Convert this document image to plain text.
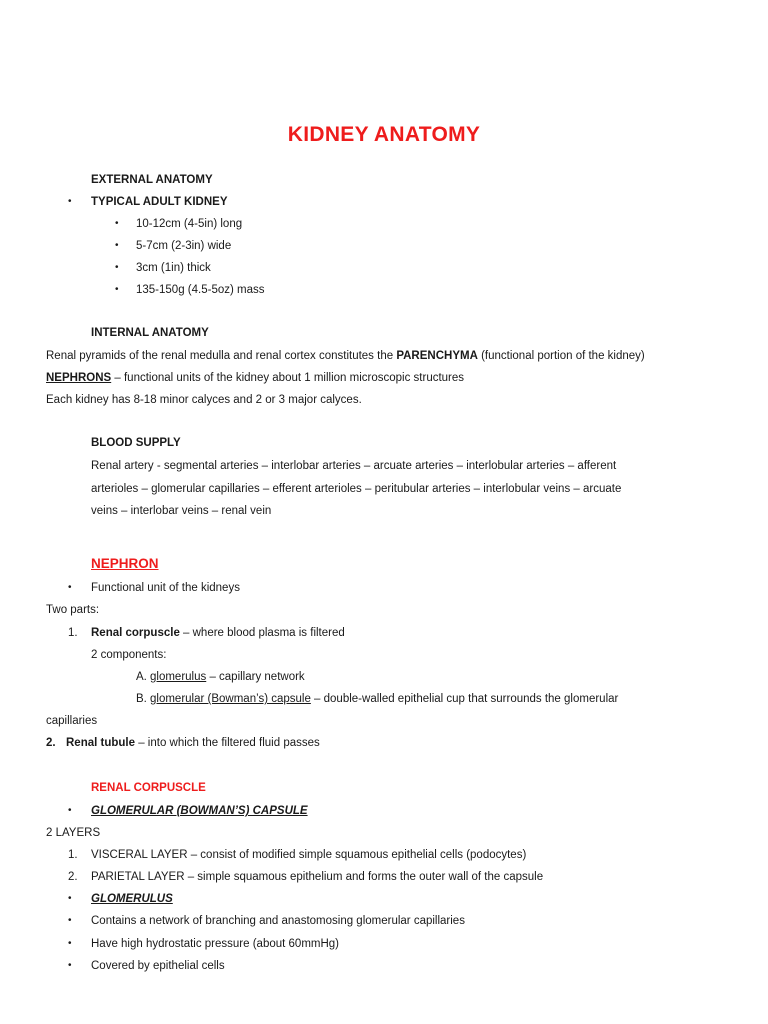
KIDNEY ANATOMY
EXTERNAL ANATOMY
• TYPICAL ADULT KIDNEY
• 10-12cm (4-5in) long
• 5-7cm (2-3in) wide
• 3cm (1in) thick
• 135-150g (4.5-5oz) mass
INTERNAL ANATOMY
Renal pyramids of the renal medulla and renal cortex constitutes the PARENCHYMA (functional portion of the kidney)
NEPHRONS – functional units of the kidney about 1 million microscopic structures
Each kidney has 8-18 minor calyces and 2 or 3 major calyces.
BLOOD SUPPLY
Renal artery - segmental arteries – interlobar arteries – arcuate arteries – interlobular arteries – afferent
arterioles – glomerular capillaries – efferent arterioles – peritubular arteries – interlobular veins – arcuate
veins – interlobar veins – renal vein
NEPHRON
• Functional unit of the kidneys
Two parts:
1. Renal corpuscle – where blood plasma is filtered
2 components:
A. glomerulus – capillary network
B. glomerular (Bowman’s) capsule – double-walled epithelial cup that surrounds the glomerular
capillaries
2. Renal tubule – into which the filtered fluid passes
RENAL CORPUSCLE
• GLOMERULAR (BOWMAN’S) CAPSULE
2 LAYERS
1. VISCERAL LAYER – consist of modified simple squamous epithelial cells (podocytes)
2. PARIETAL LAYER – simple squamous epithelium and forms the outer wall of the capsule
• GLOMERULUS
• Contains a network of branching and anastomosing glomerular capillaries
• Have high hydrostatic pressure (about 60mmHg)
• Covered by epithelial cells
